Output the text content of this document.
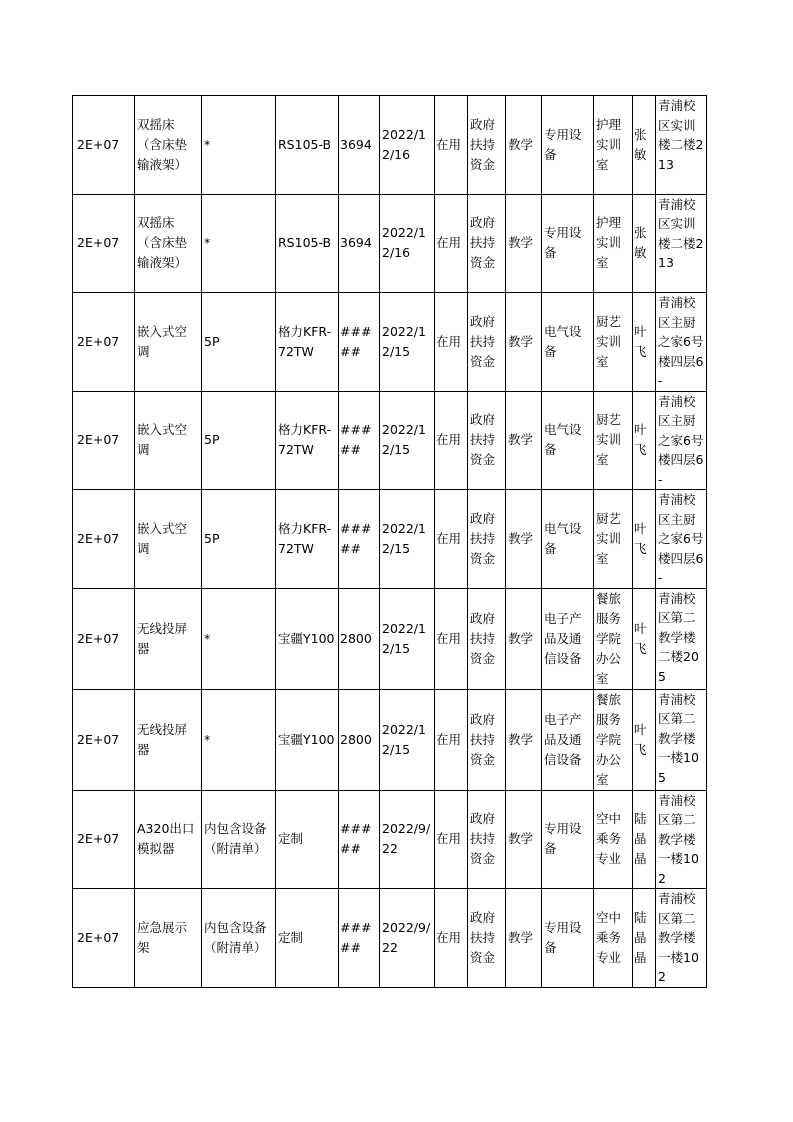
2E+07	双摇床（含床垫输液架）	*	RS105-B	3694	2022/12/16	在用	政府扶持资金	教学	专用设备	护理实训室	张敏	青浦校区实训楼二楼213
2E+07	双摇床（含床垫输液架）	*	RS105-B	3694	2022/12/16	在用	政府扶持资金	教学	专用设备	护理实训室	张敏	青浦校区实训楼二楼213
2E+07	嵌入式空调	5P	格力KFR-72TW	#####	2022/12/15	在用	政府扶持资金	教学	电气设备	厨艺实训室	叶飞	青浦校区主厨之家6号楼四层6-
2E+07	嵌入式空调	5P	格力KFR-72TW	#####	2022/12/15	在用	政府扶持资金	教学	电气设备	厨艺实训室	叶飞	青浦校区主厨之家6号楼四层6-
2E+07	嵌入式空调	5P	格力KFR-72TW	#####	2022/12/15	在用	政府扶持资金	教学	电气设备	厨艺实训室	叶飞	青浦校区主厨之家6号楼四层6-
2E+07	无线投屏器	*	宝疆Y100	2800	2022/12/15	在用	政府扶持资金	教学	电子产品及通信设备	餐旅服务学院办公室	叶飞	青浦校区第二教学楼二楼205
2E+07	无线投屏器	*	宝疆Y100	2800	2022/12/15	在用	政府扶持资金	教学	电子产品及通信设备	餐旅服务学院办公室	叶飞	青浦校区第二教学楼一楼105
2E+07	A320出口模拟器	内包含设备（附清单）	定制	#####	2022/9/22	在用	政府扶持资金	教学	专用设备	空中乘务专业	陆晶晶	青浦校区第二教学楼一楼102
2E+07	应急展示架	内包含设备（附清单）	定制	#####	2022/9/22	在用	政府扶持资金	教学	专用设备	空中乘务专业	陆晶晶	青浦校区第二教学楼一楼102
